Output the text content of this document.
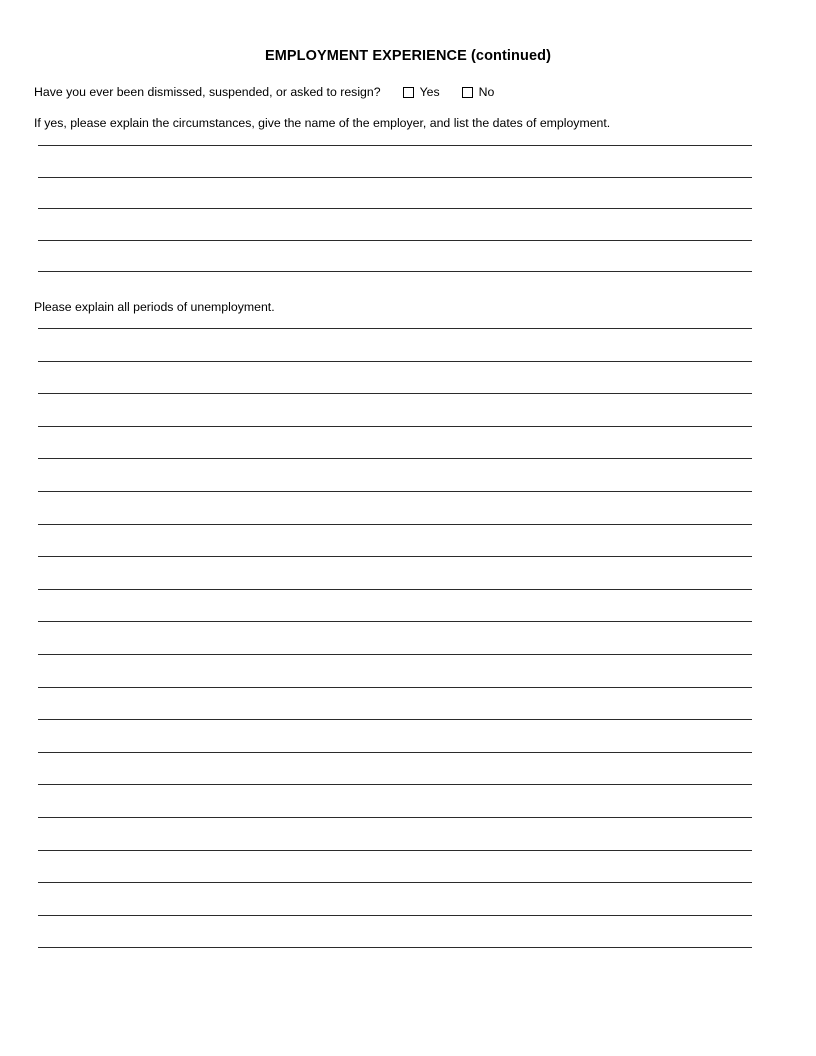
EMPLOYMENT EXPERIENCE (continued)
Have you ever been dismissed, suspended, or asked to resign?	Yes	No
If yes, please explain the circumstances, give the name of the employer, and list the dates of employment.
Please explain all periods of unemployment.
